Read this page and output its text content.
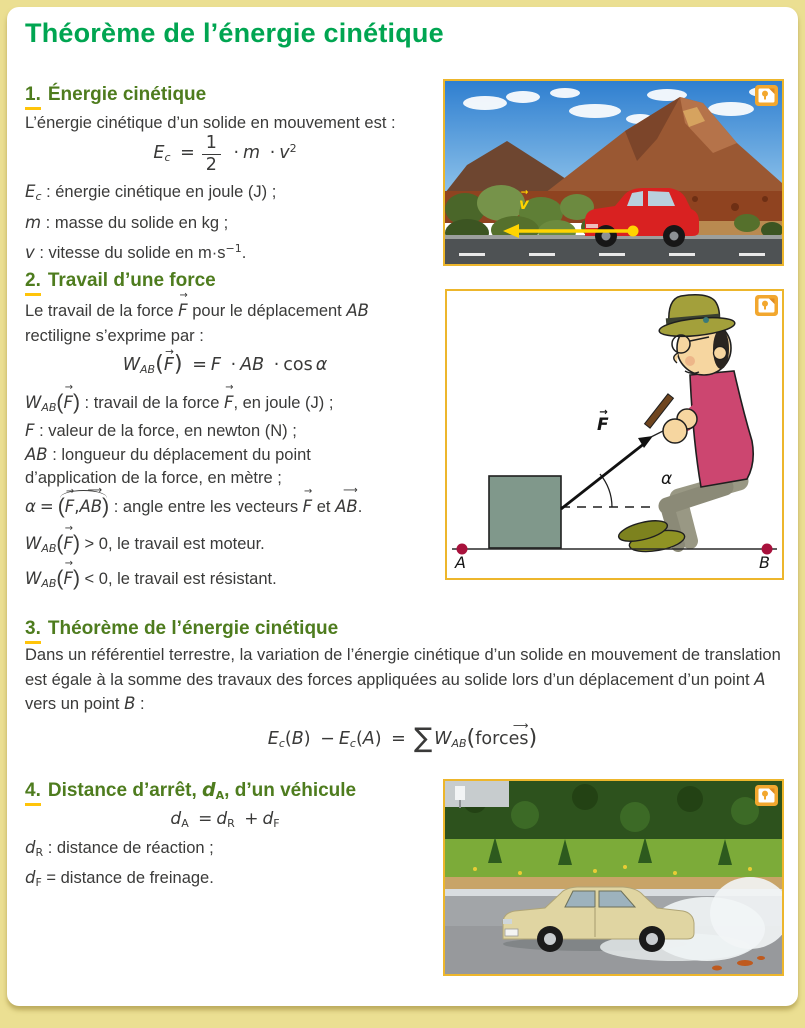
Théorème de l’énergie cinétique
1. Énergie cinétique
L’énergie cinétique d’un solide en mouvement est :
$E_c = \frac{1}{2} \cdot m \cdot v^2$
$E_c$ : énergie cinétique en joule (J) ;
m : masse du solide en kg ;
v : vitesse du solide en $m\cdot s^{-1}$.
2. Travail d’une force
Le travail de la force F → pour le déplacement AB
rectiligne s’exprime par :
$W_{AB}(F$ →) = F · AB · cos α
$W_{AB}(F$ →) : travail de la force F →, en joule (J) ;
F : valeur de la force, en newton (N) ;
AB : longueur du déplacement du point
d’application de la force, en mètre ;
α = (F →,AB ⟶) : angle entre les vecteurs F → et AB ⟶.
$W_{AB}(F$ →) > 0, le travail est moteur.
$W_{AB}(F$ →) < 0, le travail est résistant.
3. Théorème de l’énergie cinétique
Dans un référentiel terrestre, la variation de l’énergie cinétique d’un solide en mouvement de translation est égale à la somme des travaux des forces appliquées au solide lors d’un déplacement d’un point A vers un point B :
$E_c(B) - E_c(A)$ = ∑ $W_{AB}(forces$ ⟶)
4. Distance d’arrêt, $d_A$, d’un véhicule
$d_A = d_R + d_F$
$d_R$ : distance de réaction ;
$d_F$ = distance de freinage.
v →
F →
α
A	B
